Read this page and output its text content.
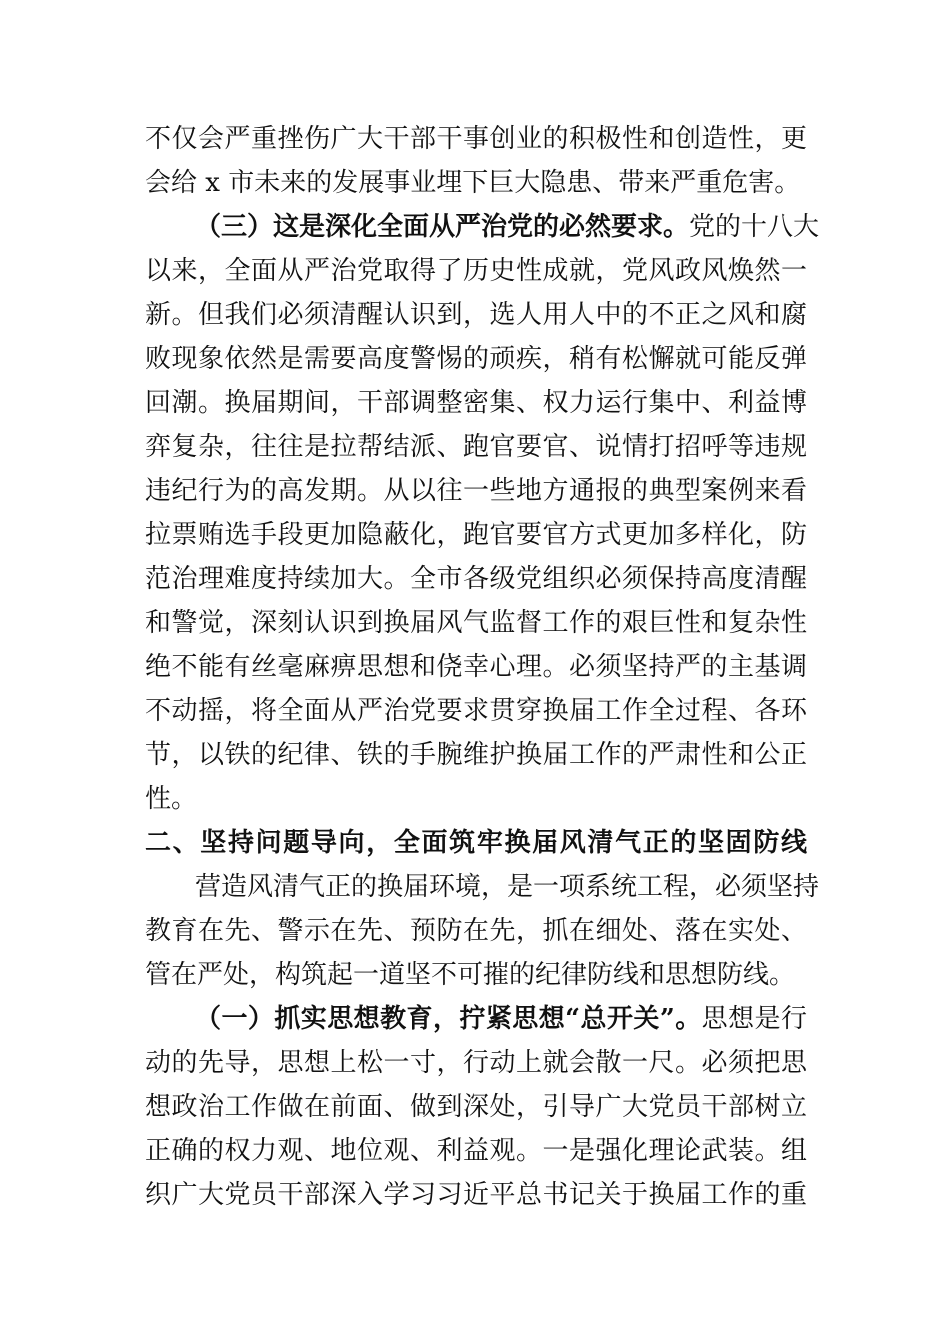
不仅会严重挫伤广大干部干事创业的积极性和创造性，更
会给 x 市未来的发展事业埋下巨大隐患、带来严重危害。
（三）这是深化全面从严治党的必然要求。党的十八大
以来，全面从严治党取得了历史性成就，党风政风焕然一
新。但我们必须清醒认识到，选人用人中的不正之风和腐
败现象依然是需要高度警惕的顽疾，稍有松懈就可能反弹
回潮。换届期间，干部调整密集、权力运行集中、利益博
弈复杂，往往是拉帮结派、跑官要官、说情打招呼等违规
违纪行为的高发期。从以往一些地方通报的典型案例来看
拉票贿选手段更加隐蔽化，跑官要官方式更加多样化，防
范治理难度持续加大。全市各级党组织必须保持高度清醒
和警觉，深刻认识到换届风气监督工作的艰巨性和复杂性
绝不能有丝毫麻痹思想和侥幸心理。必须坚持严的主基调
不动摇，将全面从严治党要求贯穿换届工作全过程、各环
节，以铁的纪律、铁的手腕维护换届工作的严肃性和公正
性。
二、坚持问题导向，全面筑牢换届风清气正的坚固防线
营造风清气正的换届环境，是一项系统工程，必须坚持
教育在先、警示在先、预防在先，抓在细处、落在实处、
管在严处，构筑起一道坚不可摧的纪律防线和思想防线。
（一）抓实思想教育，拧紧思想“总开关”。思想是行
动的先导，思想上松一寸，行动上就会散一尺。必须把思
想政治工作做在前面、做到深处，引导广大党员干部树立
正确的权力观、地位观、利益观。一是强化理论武装。组
织广大党员干部深入学习习近平总书记关于换届工作的重
